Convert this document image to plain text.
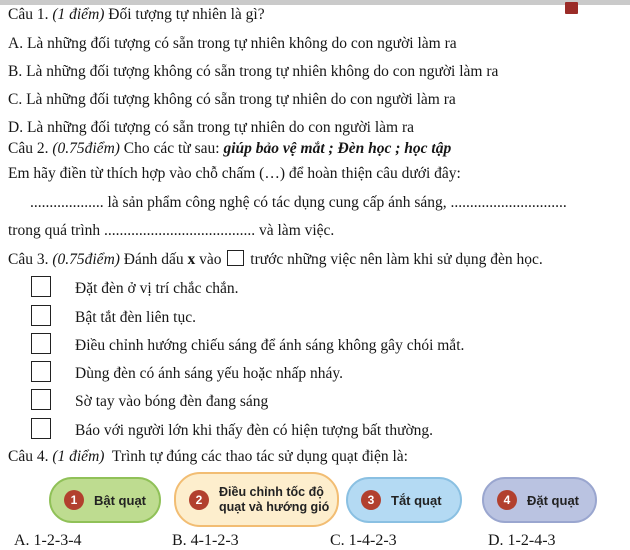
Câu 1. (1 điểm) Đối tượng tự nhiên là gì?
A. Là những đối tượng có sẵn trong tự nhiên không do con người làm ra
B. Là những đối tượng không có sẵn trong tự nhiên không do con người làm ra
C. Là những đối tượng không có sẵn trong tự nhiên do con người làm ra
D. Là những đối tượng có sẵn trong tự nhiên do con người làm ra
Câu 2. (0.75điểm) Cho các từ sau: giúp bảo vệ mắt ; Đèn học ; học tập
Em hãy điền từ thích hợp vào chỗ chấm (…) để hoàn thiện câu dưới đây:
................... là sản phẩm công nghệ có tác dụng cung cấp ánh sáng, ..............................
trong quá trình ....................................... và làm việc.
Câu 3. (0.75điểm) Đánh dấu x vào trước những việc nên làm khi sử dụng đèn học.
Đặt đèn ở vị trí chắc chắn.
Bật tắt đèn liên tục.
Điều chỉnh hướng chiếu sáng để ánh sáng không gây chói mắt.
Dùng đèn có ánh sáng yếu hoặc nhấp nháy.
Sờ tay vào bóng đèn đang sáng
Báo với người lớn khi thấy đèn có hiện tượng bất thường.
Câu 4. (1 điểm) Trình tự đúng các thao tác sử dụng quạt điện là:
1	Bật quạt	2
Điều chỉnh tốc độ quạt và hướng gió	3	Tắt quạt	4	Đặt quạt
A. 1-2-3-4	B. 4-1-2-3	C. 1-4-2-3	D. 1-2-4-3
